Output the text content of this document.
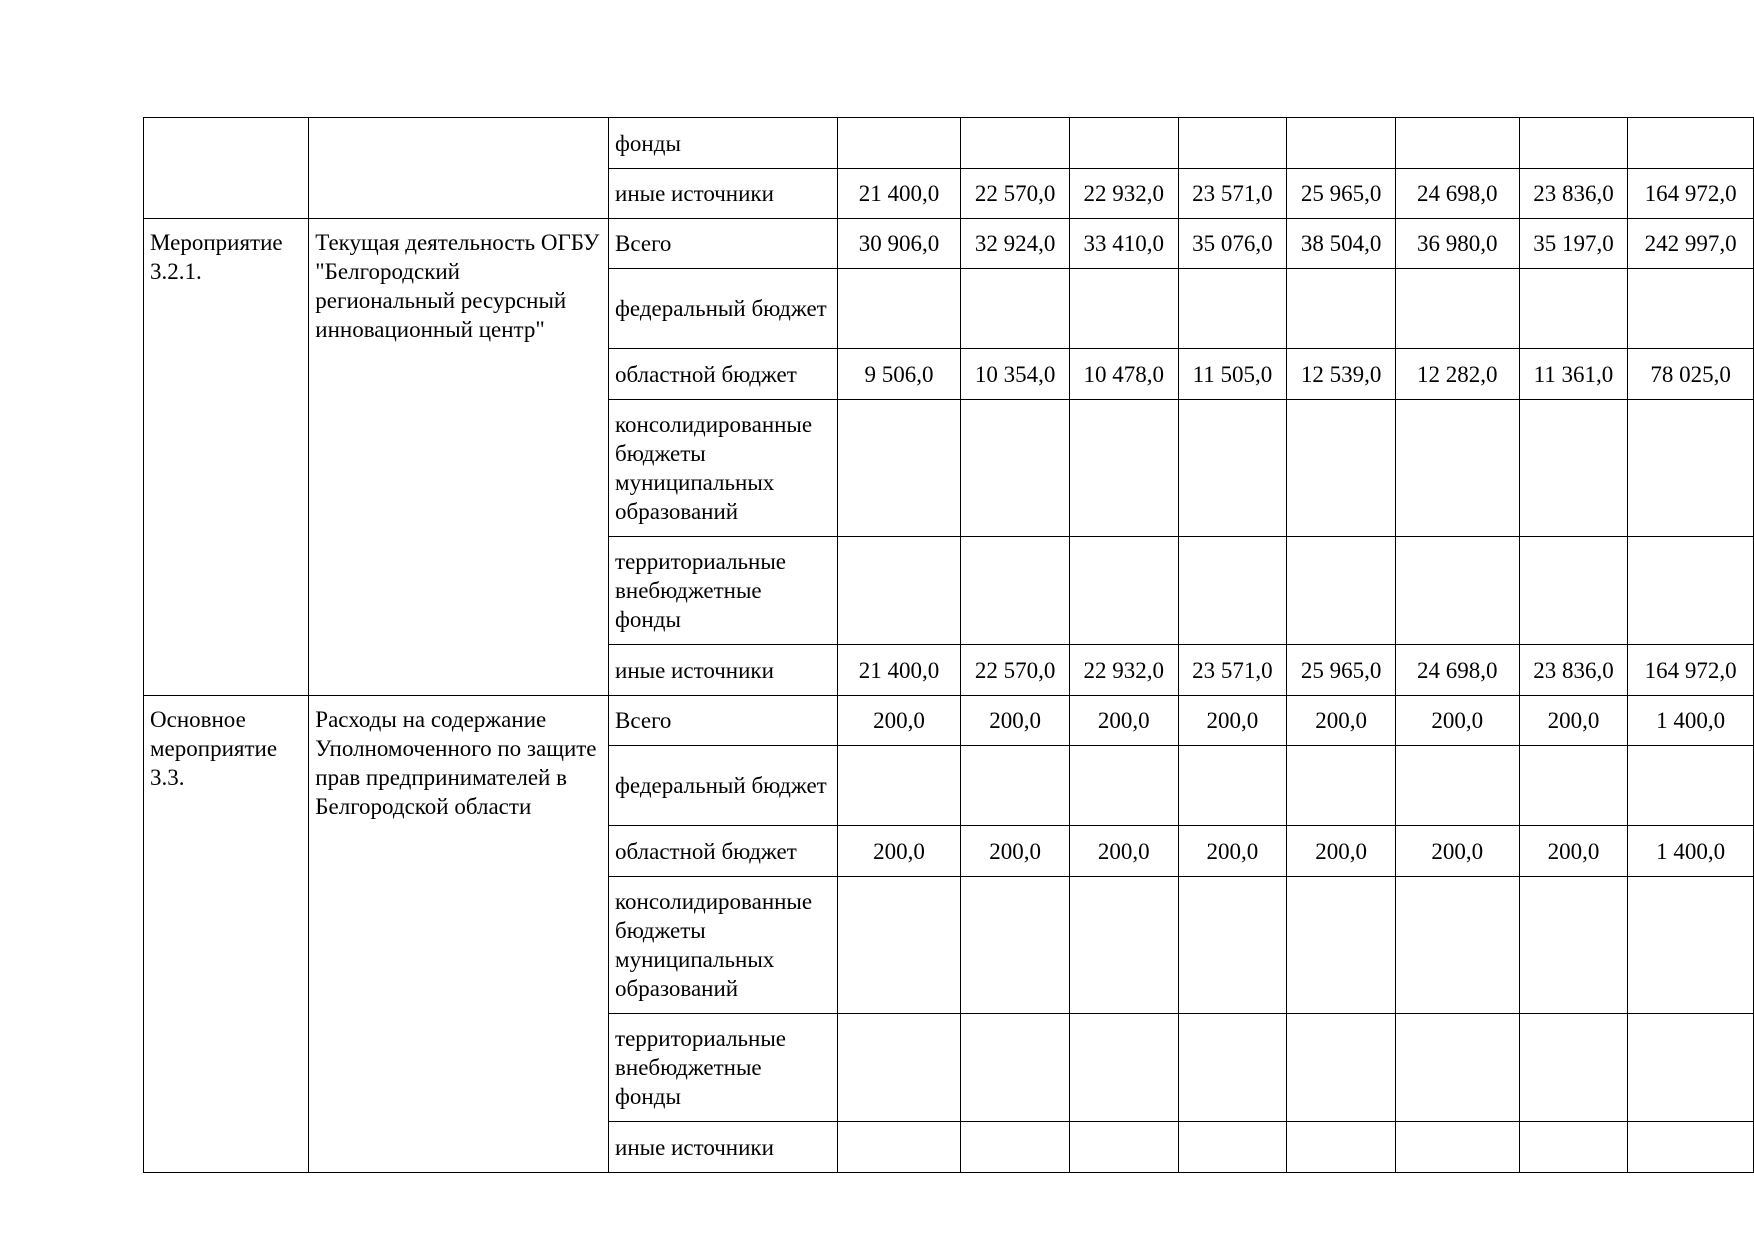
		фонды								
		иные источники	21 400,0	22 570,0	22 932,0	23 571,0	25 965,0	24 698,0	23 836,0	164 972,0
Мероприятие 3.2.1.	Текущая деятельность ОГБУ "Белгородский региональный ресурсный инновационный центр"	Всего	30 906,0	32 924,0	33 410,0	35 076,0	38 504,0	36 980,0	35 197,0	242 997,0
		федеральный бюджет								
		областной бюджет	9 506,0	10 354,0	10 478,0	11 505,0	12 539,0	12 282,0	11 361,0	78 025,0
		консолидированные бюджеты муниципальных образований								
		территориальные внебюджетные фонды								
		иные источники	21 400,0	22 570,0	22 932,0	23 571,0	25 965,0	24 698,0	23 836,0	164 972,0
Основное мероприятие 3.3.	Расходы на содержание Уполномоченного по защите прав предпринимателей в Белгородской области	Всего	200,0	200,0	200,0	200,0	200,0	200,0	200,0	1 400,0
		федеральный бюджет								
		областной бюджет	200,0	200,0	200,0	200,0	200,0	200,0	200,0	1 400,0
		консолидированные бюджеты муниципальных образований								
		территориальные внебюджетные фонды								
		иные источники								
